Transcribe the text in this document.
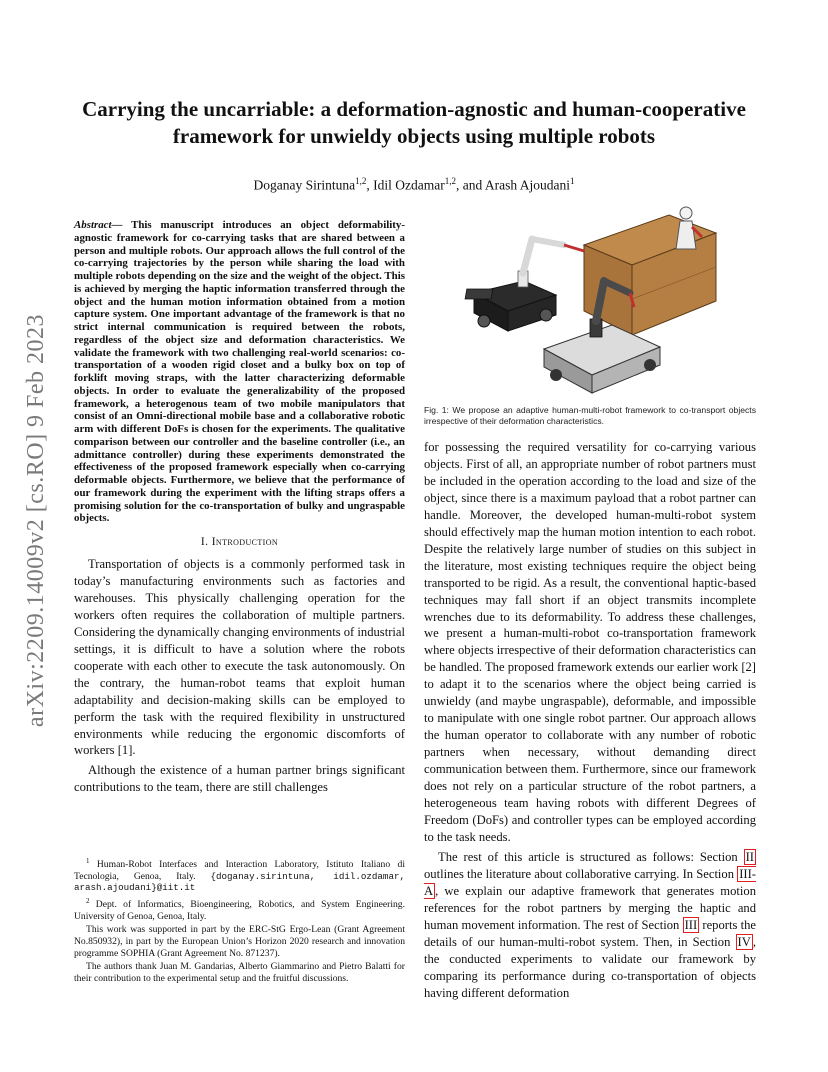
arXiv:2209.14009v2 [cs.RO] 9 Feb 2023
Carrying the uncarriable: a deformation-agnostic and human-cooperative framework for unwieldy objects using multiple robots
Doganay Sirintuna$^{1,2}$, Idil Ozdamar$^{1,2}$, and Arash Ajoudani$^1$
Abstract— This manuscript introduces an object deformability-agnostic framework for co-carrying tasks that are shared between a person and multiple robots. Our approach allows the full control of the co-carrying trajectories by the person while sharing the load with multiple robots depending on the size and the weight of the object. This is achieved by merging the haptic information transferred through the object and the human motion information obtained from a motion capture system. One important advantage of the framework is that no strict internal communication is required between the robots, regardless of the object size and deformation characteristics. We validate the framework with two challenging real-world scenarios: co-transportation of a wooden rigid closet and a bulky box on top of forklift moving straps, with the latter characterizing deformable objects. In order to evaluate the generalizability of the proposed framework, a heterogenous team of two mobile manipulators that consist of an Omni-directional mobile base and a collaborative robotic arm with different DoFs is chosen for the experiments. The qualitative comparison between our controller and the baseline controller (i.e., an admittance controller) during these experiments demonstrated the effectiveness of the proposed framework especially when co-carrying deformable objects. Furthermore, we believe that the performance of our framework during the experiment with the lifting straps offers a promising solution for the co-transportation of bulky and ungraspable objects.
I. Introduction

Transportation of objects is a commonly performed task in today’s manufacturing environments such as factories and warehouses. This physically challenging operation for the workers often requires the collaboration of multiple partners. Considering the dynamically changing environments of industrial settings, it is difficult to have a solution where the robots cooperate with each other to execute the task autonomously. On the contrary, the human-robot teams that exploit human adaptability and decision-making skills can be employed to perform the task with the required flexibility in unstructured environments while reducing the ergonomic discomforts of workers [1].

Although the existence of a human partner brings significant contributions to the team, there are still challenges

$^1$ Human-Robot Interfaces and Interaction Laboratory, Istituto Italiano di Tecnologia, Genoa, Italy. {doganay.sirintuna, idil.ozdamar, arash.ajoudani}@iit.it

$^2$ Dept. of Informatics, Bioengineering, Robotics, and System Engineering. University of Genoa, Genoa, Italy.

This work was supported in part by the ERC-StG Ergo-Lean (Grant Agreement No.850932), in part by the European Union’s Horizon 2020 research and innovation programme SOPHIA (Grant Agreement No. 871237).

The authors thank Juan M. Gandarias, Alberto Giammarino and Pietro Balatti for their contribution to the experimental setup and the fruitful discussions.

Fig. 1: We propose an adaptive human-multi-robot framework to co-transport objects irrespective of their deformation characteristics.

for possessing the required versatility for co-carrying various objects. First of all, an appropriate number of robot partners must be included in the operation according to the load and size of the object, since there is a maximum payload that a robot partner can handle. Moreover, the developed human-multi-robot system should effectively map the human motion intention to each robot. Despite the relatively large number of studies on this subject in the literature, most existing techniques require the object being transported to be rigid. As a result, the conventional haptic-based techniques may fall short if an object transmits incomplete wrenches due to its deformability. To address these challenges, we present a human-multi-robot co-transportation framework where objects irrespective of their deformation characteristics can be handled. The proposed framework extends our earlier work [2] to adapt it to the scenarios where the object being carried is unwieldy (and maybe ungraspable), deformable, and impossible to manipulate with one single robot partner. Our approach allows the human operator to collaborate with any number of robotic partners when necessary, without demanding direct communication between them. Furthermore, since our framework does not rely on a particular structure of the robot partners, a heterogeneous team having robots with different Degrees of Freedom (DoFs) and controller types can be employed according to the task needs.

The rest of this article is structured as follows: Section II outlines the literature about collaborative carrying. In Section III-A , we explain our adaptive framework that generates motion references for the robot partners by merging the haptic and human movement information. The rest of Section III reports the details of our human-multi-robot system. Then, in Section IV , the conducted experiments to validate our framework by comparing its performance during co-transportation of objects having different deformation
